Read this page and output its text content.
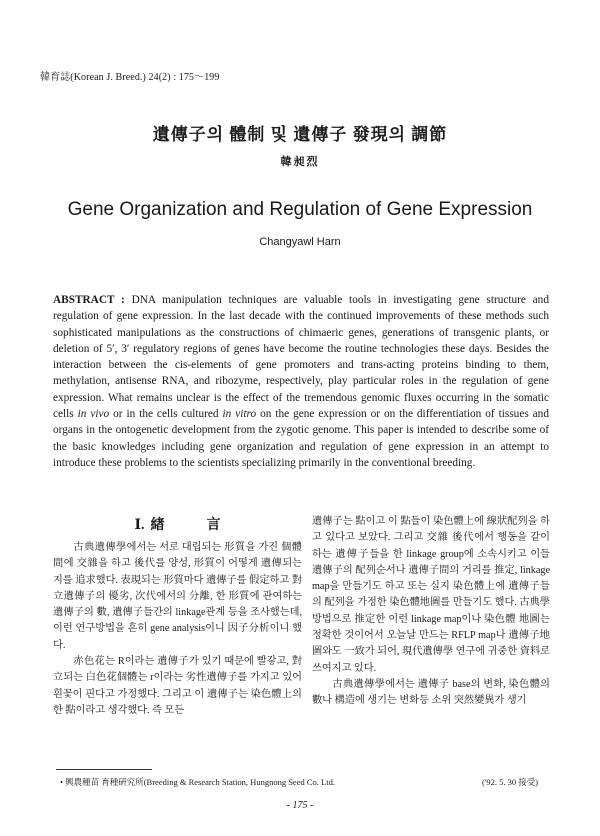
韓育誌(Korean J. Breed.) 24(2) : 175～199
遺傳子의 體制 및 遺傳子 發現의 調節
韓昶烈
Gene Organization and Regulation of Gene Expression
Changyawl Harn
ABSTRACT : DNA manipulation techniques are valuable tools in investigating gene structure and regulation of gene expression. In the last decade with the continued improvements of these methods such sophisticated manipulations as the constructions of chimaeric genes, generations of transgenic plants, or deletion of 5′, 3′ regulatory regions of genes have become the routine technologies these days. Besides the interaction between the cis-elements of gene promoters and trans-acting proteins binding to them, methylation, antisense RNA, and ribozyme, respectively, play particular roles in the regulation of gene expression. What remains unclear is the effect of the tremendous genomic fluxes occurring in the somatic cells in vivo or in the cells cultured in vitro on the gene expression or on the differentiation of tissues and organs in the ontogenetic development from the zygotic genome. This paper is intended to describe some of the basic knowledges including gene organization and regulation of gene expression in an attempt to introduce these problems to the scientists specializing primarily in the conventional breeding.
Ⅰ. 緖	言

古典遺傳學에서는 서로 대립되는 形質을 가진 個體間에 交雜을 하고 後代를 양성, 形質이 어떻게 遺傳되는지를 追求했다. 表現되는 形質마다 遺傳子를 假定하고 對立遺傳子의 優劣, 次代에서의 分離, 한 形質에 관여하는 遺傳子의 數, 遺傳子들간의 linkage관계 등을 조사했는데, 이런 연구방법을 흔히 gene analysis이니 因子分析이니 했다.

赤色花는 R이라는 遺傳子가 있기 때문에 빨갛고, 對立되는 白色花個體는 r이라는 劣性遺傳子를 가지고 있어 흰꽃이 핀다고 가정했다. 그리고 이 遺傳子는 染色體上의 한 點이라고 생각했다. 즉 모든

遺傳子는 點이고 이 點들이 染色體上에 線狀配列을 하고 있다고 보았다. 그리고 交雜 後代에서 행동을 같이 하는 遺傳子들을 한 linkage group에 소속시키고 이들 遺傳子의 配列순서나 遺傳子間의 거리를 推定, linkage map을 만들기도 하고 또는 실지 染色體上에 遺傳子들의 配列을 가정한 染色體地圖를 만들기도 했다. 古典學 방법으로 推定한 이런 linkage map이나 染色體 地圖는 정확한 것이어서 오늘날 만드는 RFLP map나 遺傳子地圖와도 一致가 되어, 現代遺傳學 연구에 귀중한 資料로 쓰여지고 있다.

古典遺傳學에서는 遺傳子 base의 변화, 染色體의 數나 構造에 생기는 변화등 소위 突然變異가 생기

• 興農種苗 育種硏究所(Breeding & Research Station, Hungnong Seed Co. Ltd.	('92. 5. 30 接受)
- 175 -
